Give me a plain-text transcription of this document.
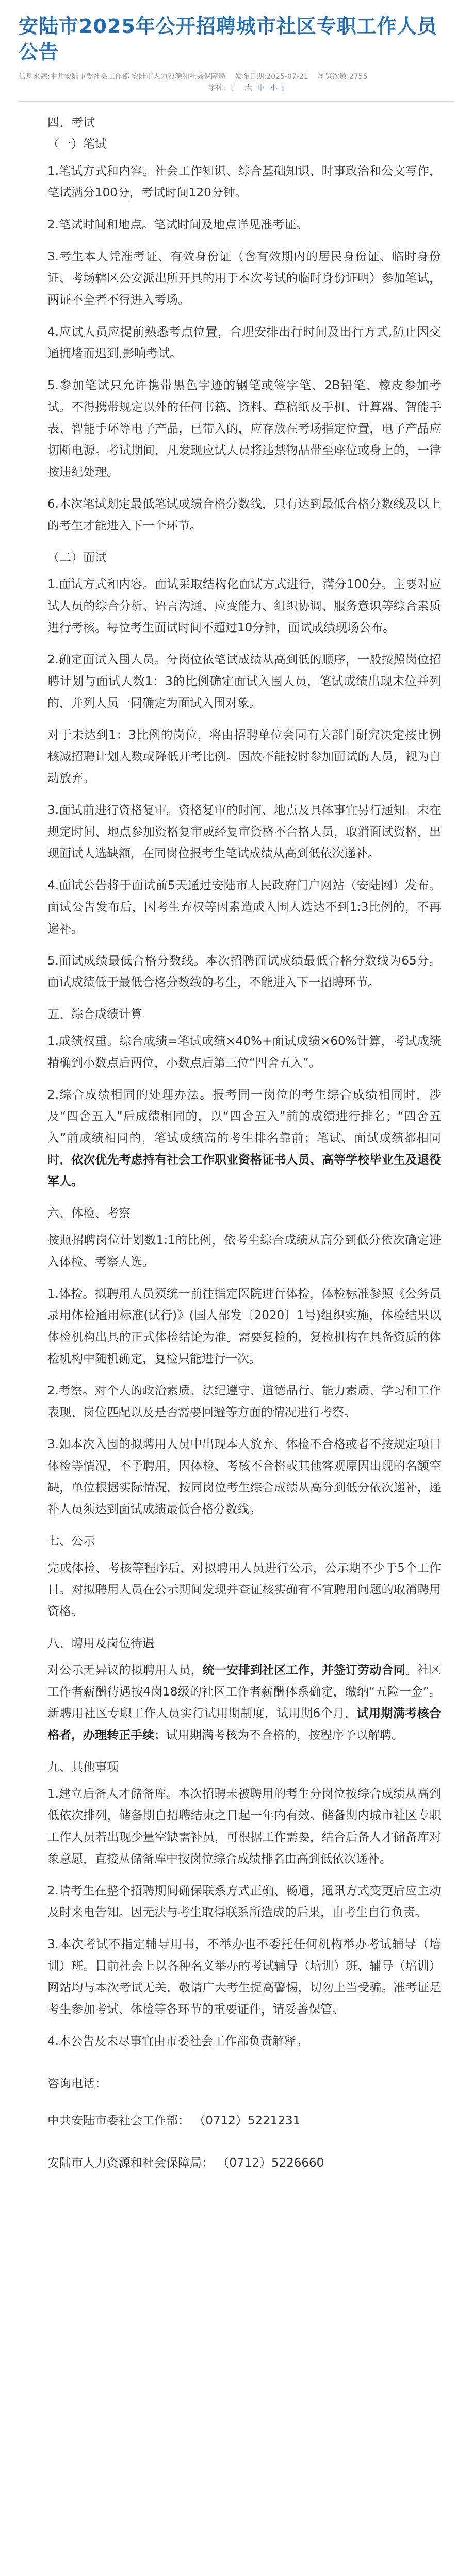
安陆市2025年公开招聘城市社区专职工作人员公告
信息来源:中共安陆市委社会工作部 安陆市人力资源和社会保障局 发布日期:2025-07-21 浏览次数:2755
字体: [ 大 中 小 ]

四、考试

（一）笔试

1.笔试方式和内容。社会工作知识、综合基础知识、时事政治和公文写作，笔试满分100分，考试时间120分钟。

2.笔试时间和地点。笔试时间及地点详见准考证。

3.考生本人凭准考证、有效身份证（含有效期内的居民身份证、临时身份证、考场辖区公安派出所开具的用于本次考试的临时身份证明）参加笔试，两证不全者不得进入考场。

4.应试人员应提前熟悉考点位置，合理安排出行时间及出行方式,防止因交通拥堵而迟到,影响考试。

5.参加笔试只允许携带黑色字迹的钢笔或签字笔、2B铅笔、橡皮参加考试。不得携带规定以外的任何书籍、资料、草稿纸及手机、计算器、智能手表、智能手环等电子产品，已带入的，应存放在考场指定位置，电子产品应切断电源。考试期间，凡发现应试人员将违禁物品带至座位或身上的，一律按违纪处理。

6.本次笔试划定最低笔试成绩合格分数线，只有达到最低合格分数线及以上的考生才能进入下一个环节。

（二）面试

1.面试方式和内容。面试采取结构化面试方式进行，满分100分。主要对应试人员的综合分析、语言沟通、应变能力、组织协调、服务意识等综合素质进行考核。每位考生面试时间不超过10分钟，面试成绩现场公布。

2.确定面试入围人员。分岗位依笔试成绩从高到低的顺序，一般按照岗位招聘计划与面试人数1：3的比例确定面试入围人员，笔试成绩出现末位并列的，并列人员一同确定为面试入围对象。

对于未达到1：3比例的岗位，将由招聘单位会同有关部门研究决定按比例核减招聘计划人数或降低开考比例。因故不能按时参加面试的人员，视为自动放弃。

3.面试前进行资格复审。资格复审的时间、地点及具体事宜另行通知。未在规定时间、地点参加资格复审或经复审资格不合格人员，取消面试资格，出现面试人选缺额，在同岗位报考生笔试成绩从高到低依次递补。

4.面试公告将于面试前5天通过安陆市人民政府门户网站（安陆网）发布。面试公告发布后，因考生弃权等因素造成入围人选达不到1:3比例的，不再递补。

5.面试成绩最低合格分数线。本次招聘面试成绩最低合格分数线为65分。面试成绩低于最低合格分数线的考生，不能进入下一招聘环节。

五、综合成绩计算

1.成绩权重。综合成绩=笔试成绩×40%+面试成绩×60%计算，考试成绩精确到小数点后两位，小数点后第三位“四舍五入”。

2.综合成绩相同的处理办法。报考同一岗位的考生综合成绩相同时，涉及“四舍五入”后成绩相同的，以“四舍五入”前的成绩进行排名；“四舍五入”前成绩相同的，笔试成绩高的考生排名靠前；笔试、面试成绩都相同时，依次优先考虑持有社会工作职业资格证书人员、高等学校毕业生及退役军人。

六、体检、考察

按照招聘岗位计划数1:1的比例，依考生综合成绩从高分到低分依次确定进入体检、考察人选。

1.体检。拟聘用人员须统一前往指定医院进行体检，体检标准参照《公务员录用体检通用标准(试行)》(国人部发〔2020〕1号)组织实施，体检结果以体检机构出具的正式体检结论为准。需要复检的，复检机构在具备资质的体检机构中随机确定，复检只能进行一次。

2.考察。对个人的政治素质、法纪遵守、道德品行、能力素质、学习和工作表现、岗位匹配以及是否需要回避等方面的情况进行考察。

3.如本次入围的拟聘用人员中出现本人放弃、体检不合格或者不按规定项目体检等情况，不予聘用，因体检、考核不合格或其他客观原因出现的名额空缺，单位根据实际情况，按同岗位考生综合成绩从高分到低分依次递补，递补人员须达到面试成绩最低合格分数线。

七、公示

完成体检、考核等程序后，对拟聘用人员进行公示，公示期不少于5个工作日。对拟聘用人员在公示期间发现并查证核实确有不宜聘用问题的取消聘用资格。

八、聘用及岗位待遇

对公示无异议的拟聘用人员，统一安排到社区工作，并签订劳动合同。社区工作者薪酬待遇按4岗18级的社区工作者薪酬体系确定，缴纳“五险一金”。新聘用社区专职工作人员实行试用期制度，试用期6个月，试用期满考核合格者，办理转正手续；试用期满考核为不合格的，按程序予以解聘。

九、其他事项

1.建立后备人才储备库。本次招聘未被聘用的考生分岗位按综合成绩从高到低依次排列，储备期自招聘结束之日起一年内有效。储备期内城市社区专职工作人员若出现少量空缺需补员，可根据工作需要，结合后备人才储备库对象意愿，直接从储备库中按岗位综合成绩排名由高到低依次递补。

2.请考生在整个招聘期间确保联系方式正确、畅通，通讯方式变更后应主动及时来电告知。因无法与考生取得联系所造成的后果，由考生自行负责。

3.本次考试不指定辅导用书，不举办也不委托任何机构举办考试辅导（培训）班。目前社会上以各种名义举办的考试辅导（培训）班、辅导（培训）网站均与本次考试无关，敬请广大考生提高警惕，切勿上当受骗。准考证是考生参加考试、体检等各环节的重要证件，请妥善保管。

4.本公告及未尽事宜由市委社会工作部负责解释。

咨询电话：

中共安陆市委社会工作部： （0712）5221231

安陆市人力资源和社会保障局： （0712）5226660
